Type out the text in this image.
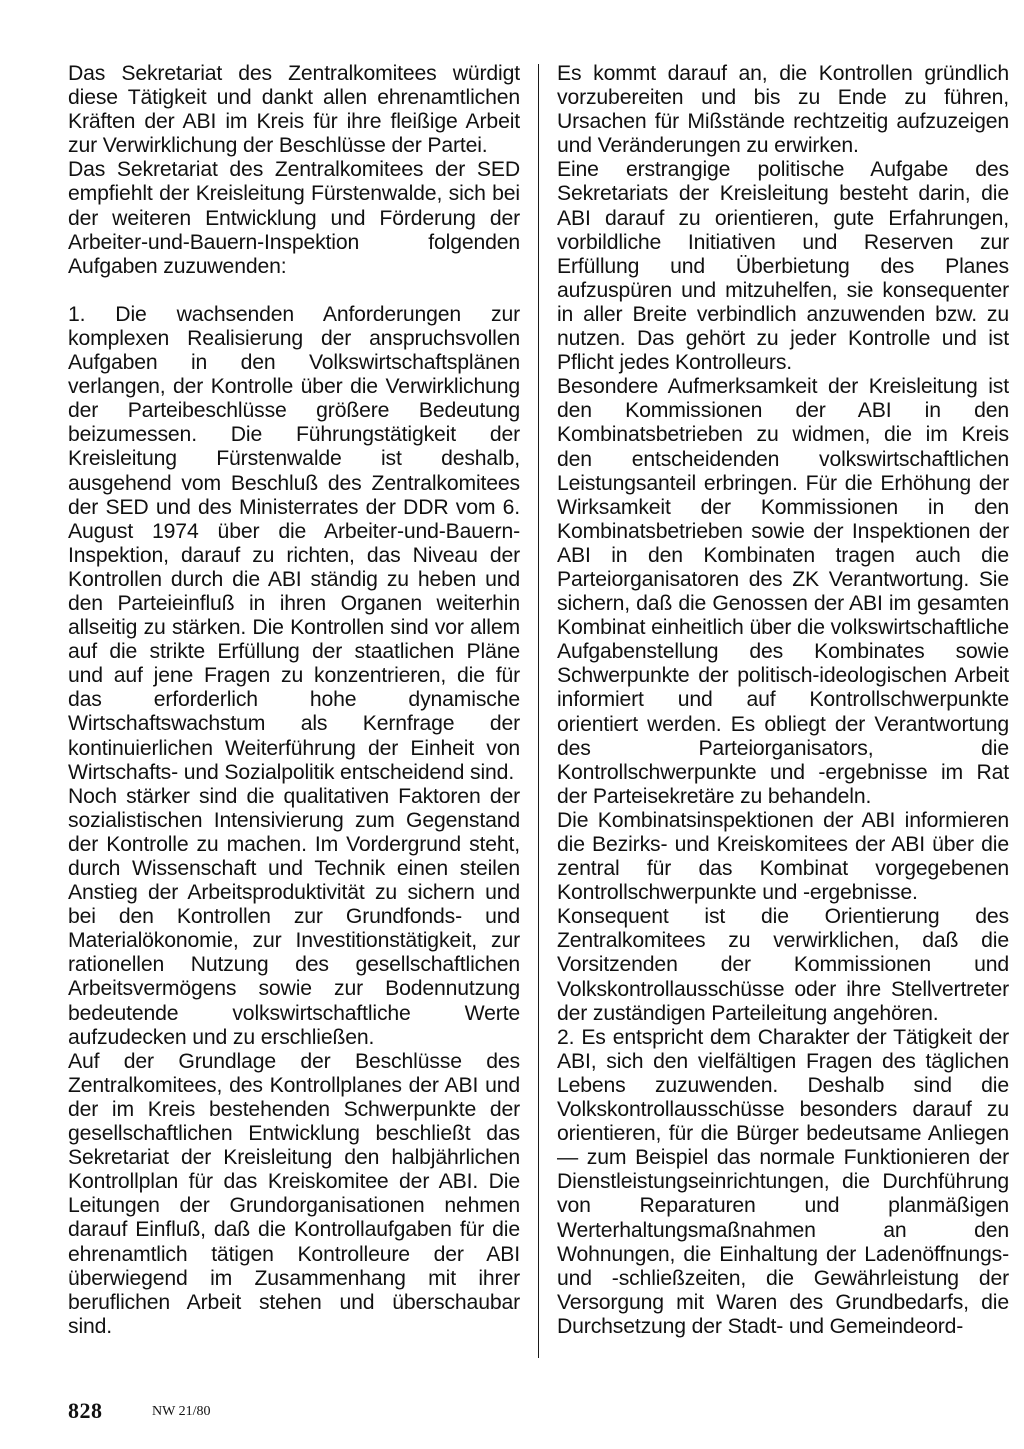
Das Sekretariat des Zentralkomitees würdigt diese Tätigkeit und dankt allen ehrenamtlichen Kräften der ABI im Kreis für ihre fleißige Arbeit zur Verwirklichung der Beschlüsse der Partei.

Das Sekretariat des Zentralkomitees der SED empfiehlt der Kreisleitung Fürstenwalde, sich bei der weiteren Entwicklung und Förderung der Arbeiter-und-Bauern-Inspektion folgenden Aufgaben zuzuwenden:

1. Die wachsenden Anforderungen zur komplexen Realisierung der anspruchsvollen Aufgaben in den Volkswirtschaftsplänen verlangen, der Kontrolle über die Verwirklichung der Parteibeschlüsse größere Bedeutung beizumessen. Die Führungstätigkeit der Kreisleitung Fürstenwalde ist deshalb, ausgehend vom Beschluß des Zentralkomitees der SED und des Ministerrates der DDR vom 6. August 1974 über die Arbeiter-und-Bauern-Inspektion, darauf zu richten, das Niveau der Kontrollen durch die ABI ständig zu heben und den Parteieinfluß in ihren Organen weiterhin allseitig zu stärken. Die Kontrollen sind vor allem auf die strikte Erfüllung der staatlichen Pläne und auf jene Fragen zu konzentrieren, die für das erforderlich hohe dynamische Wirtschaftswachstum als Kernfrage der kontinuierlichen Weiterführung der Einheit von Wirtschafts- und Sozialpolitik entscheidend sind.

Noch stärker sind die qualitativen Faktoren der sozialistischen Intensivierung zum Gegenstand der Kontrolle zu machen. Im Vordergrund steht, durch Wissenschaft und Technik einen steilen Anstieg der Arbeitsproduktivität zu sichern und bei den Kontrollen zur Grundfonds- und Materialökonomie, zur Investitionstätigkeit, zur rationellen Nutzung des gesellschaftlichen Arbeitsvermögens sowie zur Bodennutzung bedeutende volkswirtschaftliche Werte aufzudecken und zu erschließen.

Auf der Grundlage der Beschlüsse des Zentralkomitees, des Kontrollplanes der ABI und der im Kreis bestehenden Schwerpunkte der gesellschaftlichen Entwicklung beschließt das Sekretariat der Kreisleitung den halbjährlichen Kontrollplan für das Kreiskomitee der ABI. Die Leitungen der Grundorganisationen nehmen darauf Einfluß, daß die Kontrollaufgaben für die ehrenamtlich tätigen Kontrolleure der ABI überwiegend im Zusammenhang mit ihrer beruflichen Arbeit stehen und überschaubar sind.

Es kommt darauf an, die Kontrollen gründlich vorzubereiten und bis zu Ende zu führen, Ursachen für Mißstände rechtzeitig aufzuzeigen und Veränderungen zu erwirken.

Eine erstrangige politische Aufgabe des Sekretariats der Kreisleitung besteht darin, die ABI darauf zu orientieren, gute Erfahrungen, vorbildliche Initiativen und Reserven zur Erfüllung und Überbietung des Planes aufzuspüren und mitzuhelfen, sie konsequenter in aller Breite verbindlich anzuwenden bzw. zu nutzen. Das gehört zu jeder Kontrolle und ist Pflicht jedes Kontrolleurs.

Besondere Aufmerksamkeit der Kreisleitung ist den Kommissionen der ABI in den Kombinatsbetrieben zu widmen, die im Kreis den entscheidenden volkswirtschaftlichen Leistungsanteil erbringen. Für die Erhöhung der Wirksamkeit der Kommissionen in den Kombinatsbetrieben sowie der Inspektionen der ABI in den Kombinaten tragen auch die Parteiorganisatoren des ZK Verantwortung. Sie sichern, daß die Genossen der ABI im gesamten Kombinat einheitlich über die volkswirtschaftliche Aufgabenstellung des Kombinates sowie Schwerpunkte der politisch-ideologischen Arbeit informiert und auf Kontrollschwerpunkte orientiert werden. Es obliegt der Verantwortung des Parteiorganisators, die Kontrollschwerpunkte und -ergebnisse im Rat der Parteisekretäre zu behandeln.

Die Kombinatsinspektionen der ABI informieren die Bezirks- und Kreiskomitees der ABI über die zentral für das Kombinat vorgegebenen Kontrollschwerpunkte und -ergebnisse.

Konsequent ist die Orientierung des Zentralkomitees zu verwirklichen, daß die Vorsitzenden der Kommissionen und Volkskontrollausschüsse oder ihre Stellvertreter der zuständigen Parteileitung angehören.

2. Es entspricht dem Charakter der Tätigkeit der ABI, sich den vielfältigen Fragen des täglichen Lebens zuzuwenden. Deshalb sind die Volkskontrollausschüsse besonders darauf zu orientieren, für die Bürger bedeutsame Anliegen — zum Beispiel das normale Funktionieren der Dienstleistungseinrichtungen, die Durchführung von Reparaturen und planmäßigen Werterhaltungsmaßnahmen an den Wohnungen, die Einhaltung der Ladenöffnungs- und -schließzeiten, die Gewährleistung der Versorgung mit Waren des Grundbedarfs, die Durchsetzung der Stadt- und Gemeindeord-

828	NW 21/80
